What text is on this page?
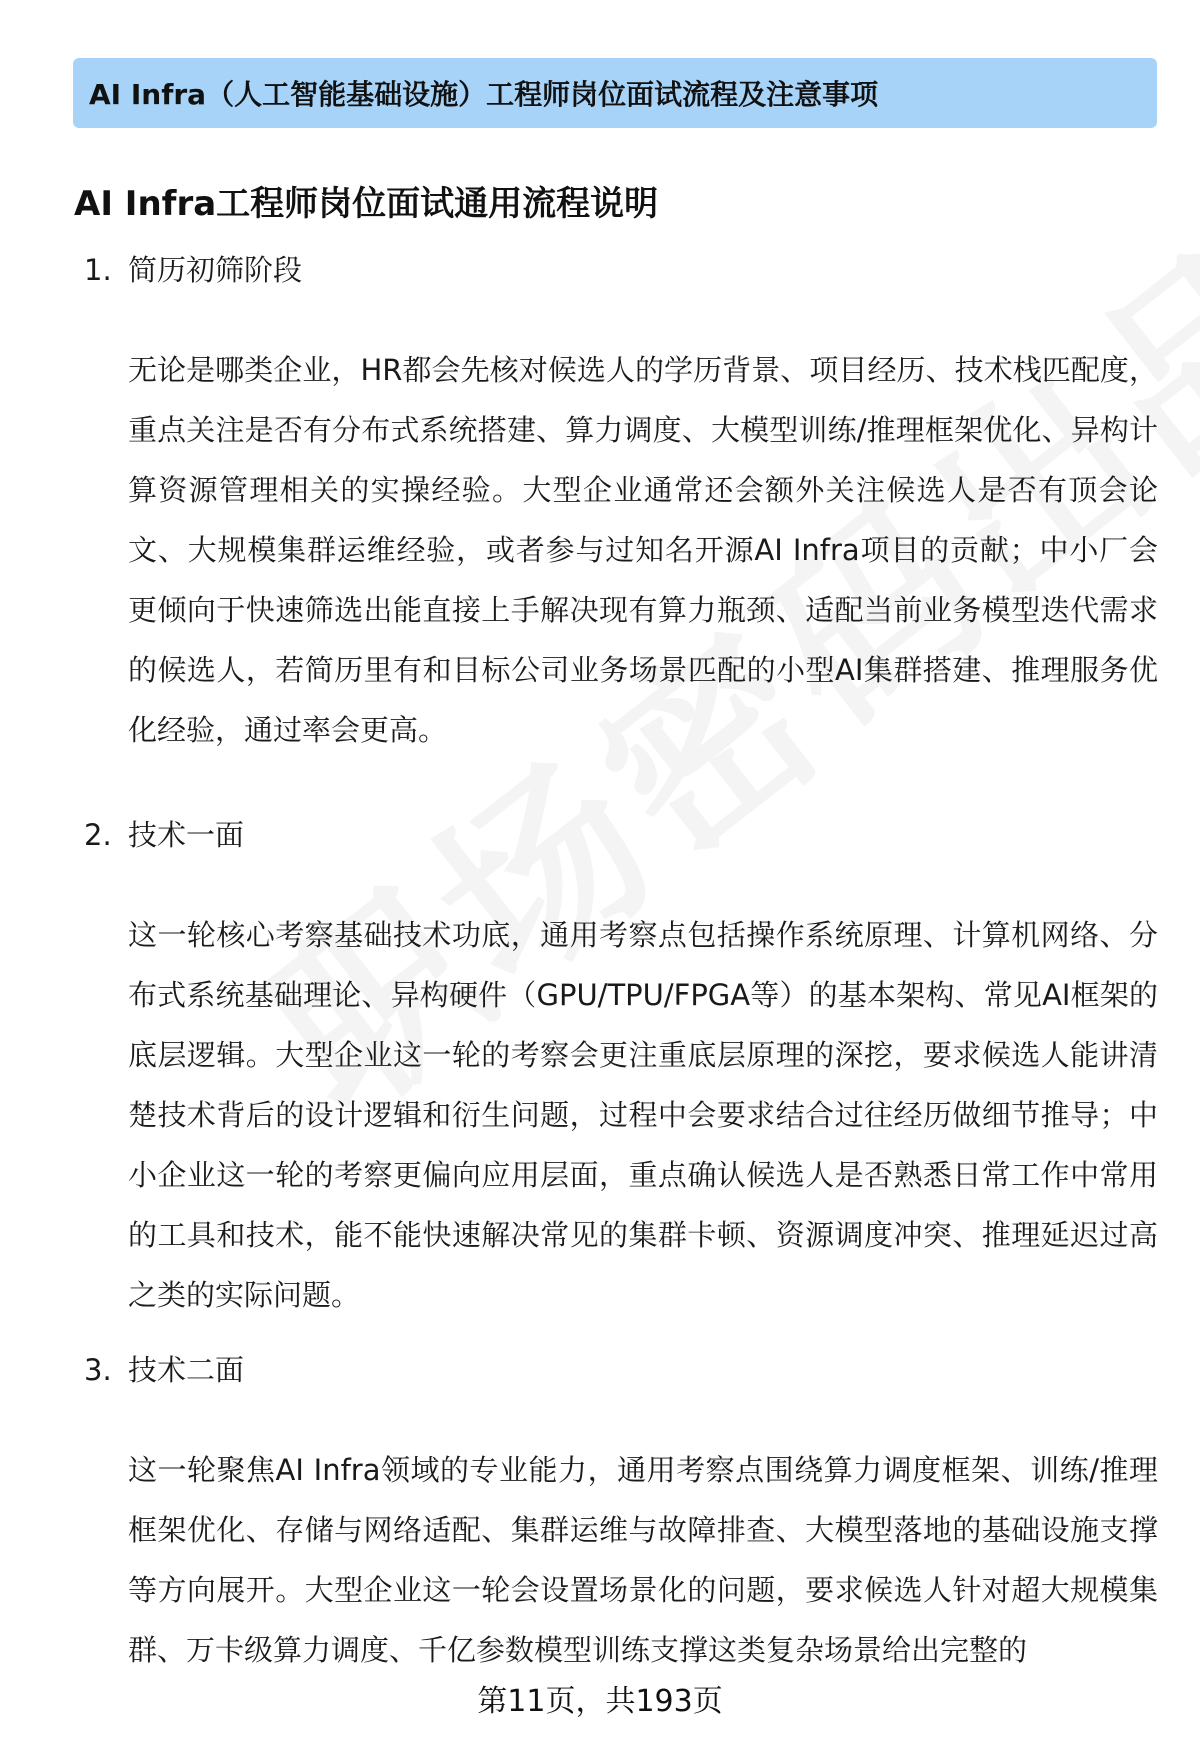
AI Infra（人工智能基础设施）工程师岗位面试流程及注意事项
AI Infra工程师岗位面试通用流程说明
1. 简历初筛阶段
无论是哪类企业，HR都会先核对候选人的学历背景、项目经历、技术栈匹配度，重点关注是否有分布式系统搭建、算力调度、大模型训练/推理框架优化、异构计算资源管理相关的实操经验。大型企业通常还会额外关注候选人是否有顶会论文、大规模集群运维经验，或者参与过知名开源AI Infra项目的贡献；中小厂会更倾向于快速筛选出能直接上手解决现有算力瓶颈、适配当前业务模型迭代需求的候选人，若简历里有和目标公司业务场景匹配的小型AI集群搭建、推理服务优化经验，通过率会更高。
2. 技术一面
这一轮核心考察基础技术功底，通用考察点包括操作系统原理、计算机网络、分布式系统基础理论、异构硬件（GPU/TPU/FPGA等）的基本架构、常见AI框架的底层逻辑。大型企业这一轮的考察会更注重底层原理的深挖，要求候选人能讲清楚技术背后的设计逻辑和衍生问题，过程中会要求结合过往经历做细节推导；中小企业这一轮的考察更偏向应用层面，重点确认候选人是否熟悉日常工作中常用的工具和技术，能不能快速解决常见的集群卡顿、资源调度冲突、推理延迟过高之类的实际问题。
3. 技术二面
这一轮聚焦AI Infra领域的专业能力，通用考察点围绕算力调度框架、训练/推理框架优化、存储与网络适配、集群运维与故障排查、大模型落地的基础设施支撑等方向展开。大型企业这一轮会设置场景化的问题，要求候选人针对超大规模集群、万卡级算力调度、千亿参数模型训练支撑这类复杂场景给出完整的
第11页，共193页
